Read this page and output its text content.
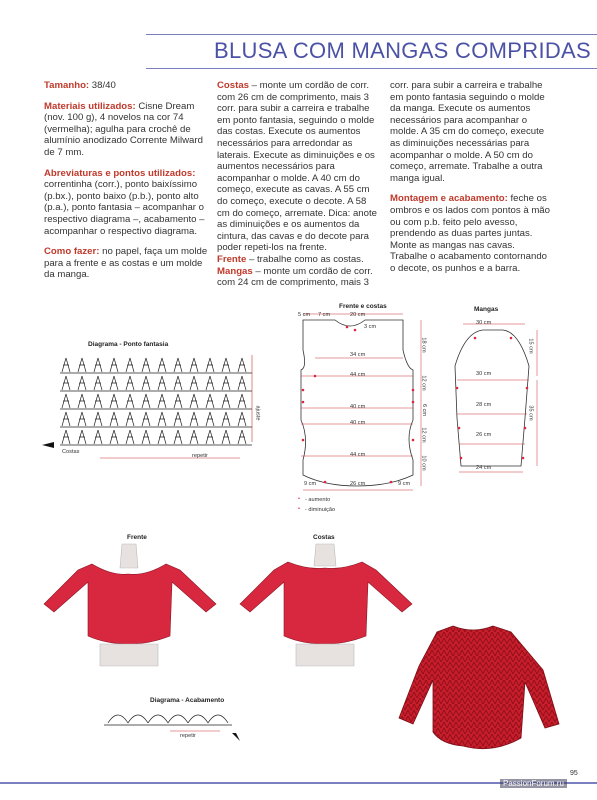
BLUSA COM MANGAS COMPRIDAS

Tamanho: 38/40

Materiais utilizados: Cisne Dream (nov. 100 g), 4 novelos na cor 74 (vermelha); agulha para crochê de alumínio anodizado Corrente Milward de 7 mm.

Abreviaturas e pontos utilizados: correntinha (corr.), ponto baixíssimo (p.bx.), ponto baixo (p.b.), ponto alto (p.a.), ponto fantasia – acompanhar o respectivo diagrama –, acabamento – acompanhar o respectivo diagrama.

Como fazer: no papel, faça um molde para a frente e as costas e um molde da manga.

Costas – monte um cordão de corr. com 26 cm de comprimento, mais 3 corr. para subir a carreira e trabalhe em ponto fantasia, seguindo o molde das costas. Execute os aumentos necessários para arredondar as laterais. Execute as diminuições e os aumentos necessários para acompanhar o molde. A 40 cm do começo, execute as cavas. A 55 cm do começo, execute o decote. A 58 cm do começo, arremate. Dica: anote as diminuições e os aumentos da cintura, das cavas e do decote para poder repeti-los na frente.

Frente – trabalhe como as costas.

Mangas – monte um cordão de corr. com 24 cm de comprimento, mais 3

corr. para subir a carreira e trabalhe em ponto fantasia seguindo o molde da manga. Execute os aumentos necessários para acompanhar o molde. A 35 cm do começo, execute as diminuições necessárias para acompanhar o molde. A 50 cm do começo, arremate. Trabalhe a outra manga igual.

Montagem e acabamento: feche os ombros e os lados com pontos à mão ou com p.b. feito pelo avesso, prendendo as duas partes juntas. Monte as mangas nas cavas. Trabalhe o acabamento contornando o decote, os punhos e a barra.

Diagrama - Ponto fantasia
Costas
repetir
ajuste
Frente e costas
5 cm 7 cm	20 cm
3 cm
34 cm
44 cm
40 cm
40 cm
44 cm
9 cm	26 cm	9 cm
18 cm
12 cm
6 cm
12 cm
10 cm
• - aumento
• - diminuição
Mangas
30 cm
30 cm
28 cm
26 cm
24 cm
15 cm
35 cm
Frente	Costas
Diagrama - Acabamento
repetir
95
PassionForum.ru
